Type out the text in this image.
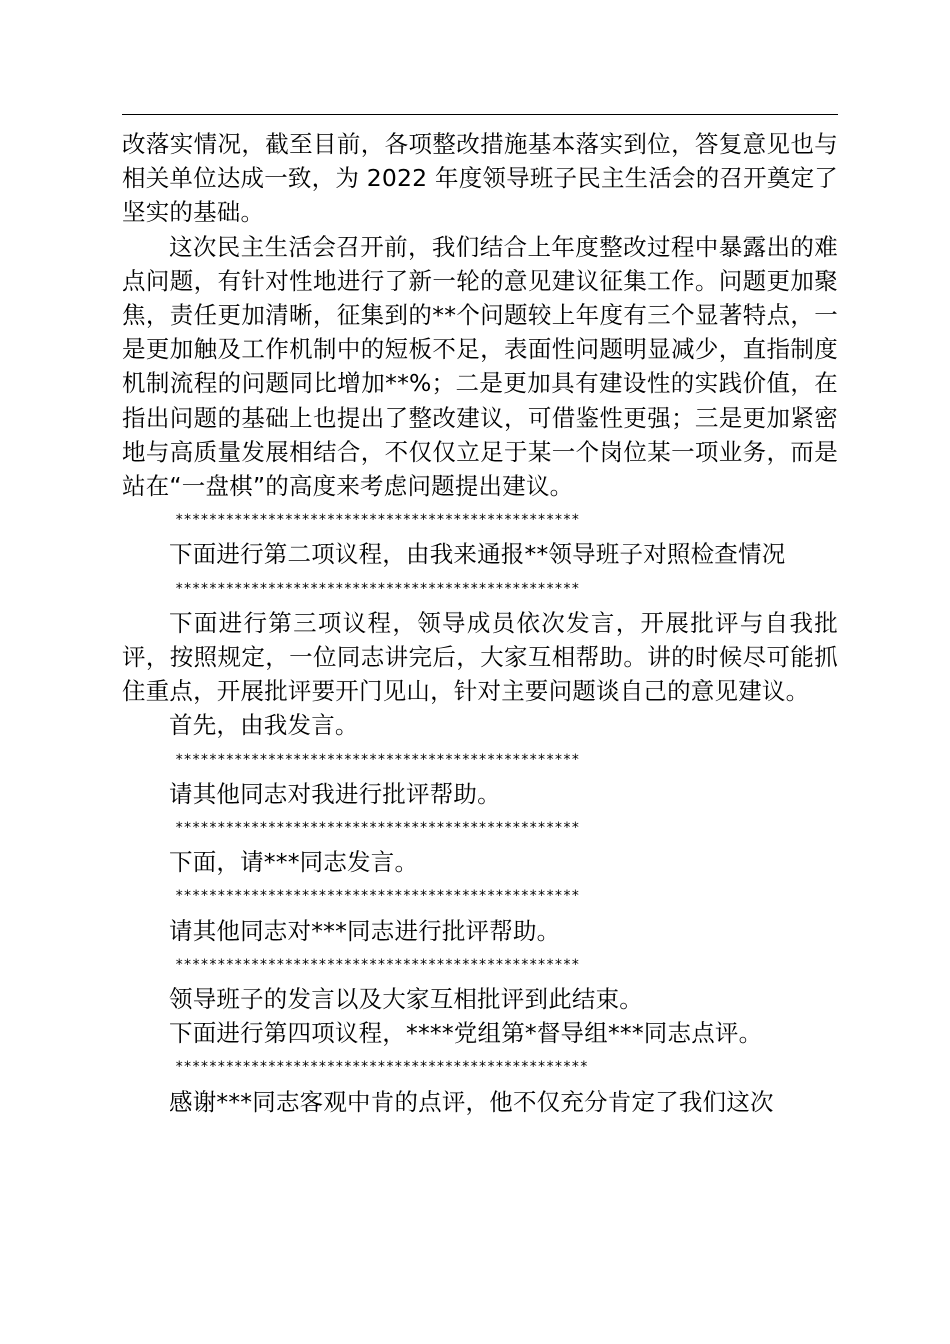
改落实情况，截至目前，各项整改措施基本落实到位，答复意见也与相关单位达成一致，为 2022 年度领导班子民主生活会的召开奠定了坚实的基础。

这次民主生活会召开前，我们结合上年度整改过程中暴露出的难点问题，有针对性地进行了新一轮的意见建议征集工作。问题更加聚焦，责任更加清晰，征集到的**个问题较上年度有三个显著特点，一是更加触及工作机制中的短板不足，表面性问题明显减少，直指制度机制流程的问题同比增加**%；二是更加具有建设性的实践价值，在指出问题的基础上也提出了整改建议，可借鉴性更强；三是更加紧密地与高质量发展相结合，不仅仅立足于某一个岗位某一项业务，而是站在“一盘棋”的高度来考虑问题提出建议。

************************************************

下面进行第二项议程，由我来通报**领导班子对照检查情况

************************************************

下面进行第三项议程，领导成员依次发言，开展批评与自我批评，按照规定，一位同志讲完后，大家互相帮助。讲的时候尽可能抓住重点，开展批评要开门见山，针对主要问题谈自己的意见建议。

首先，由我发言。

************************************************

请其他同志对我进行批评帮助。

************************************************

下面，请***同志发言。

************************************************

请其他同志对***同志进行批评帮助。

************************************************

领导班子的发言以及大家互相批评到此结束。

下面进行第四项议程，****党组第*督导组***同志点评。

*************************************************

感谢***同志客观中肯的点评，他不仅充分肯定了我们这次
